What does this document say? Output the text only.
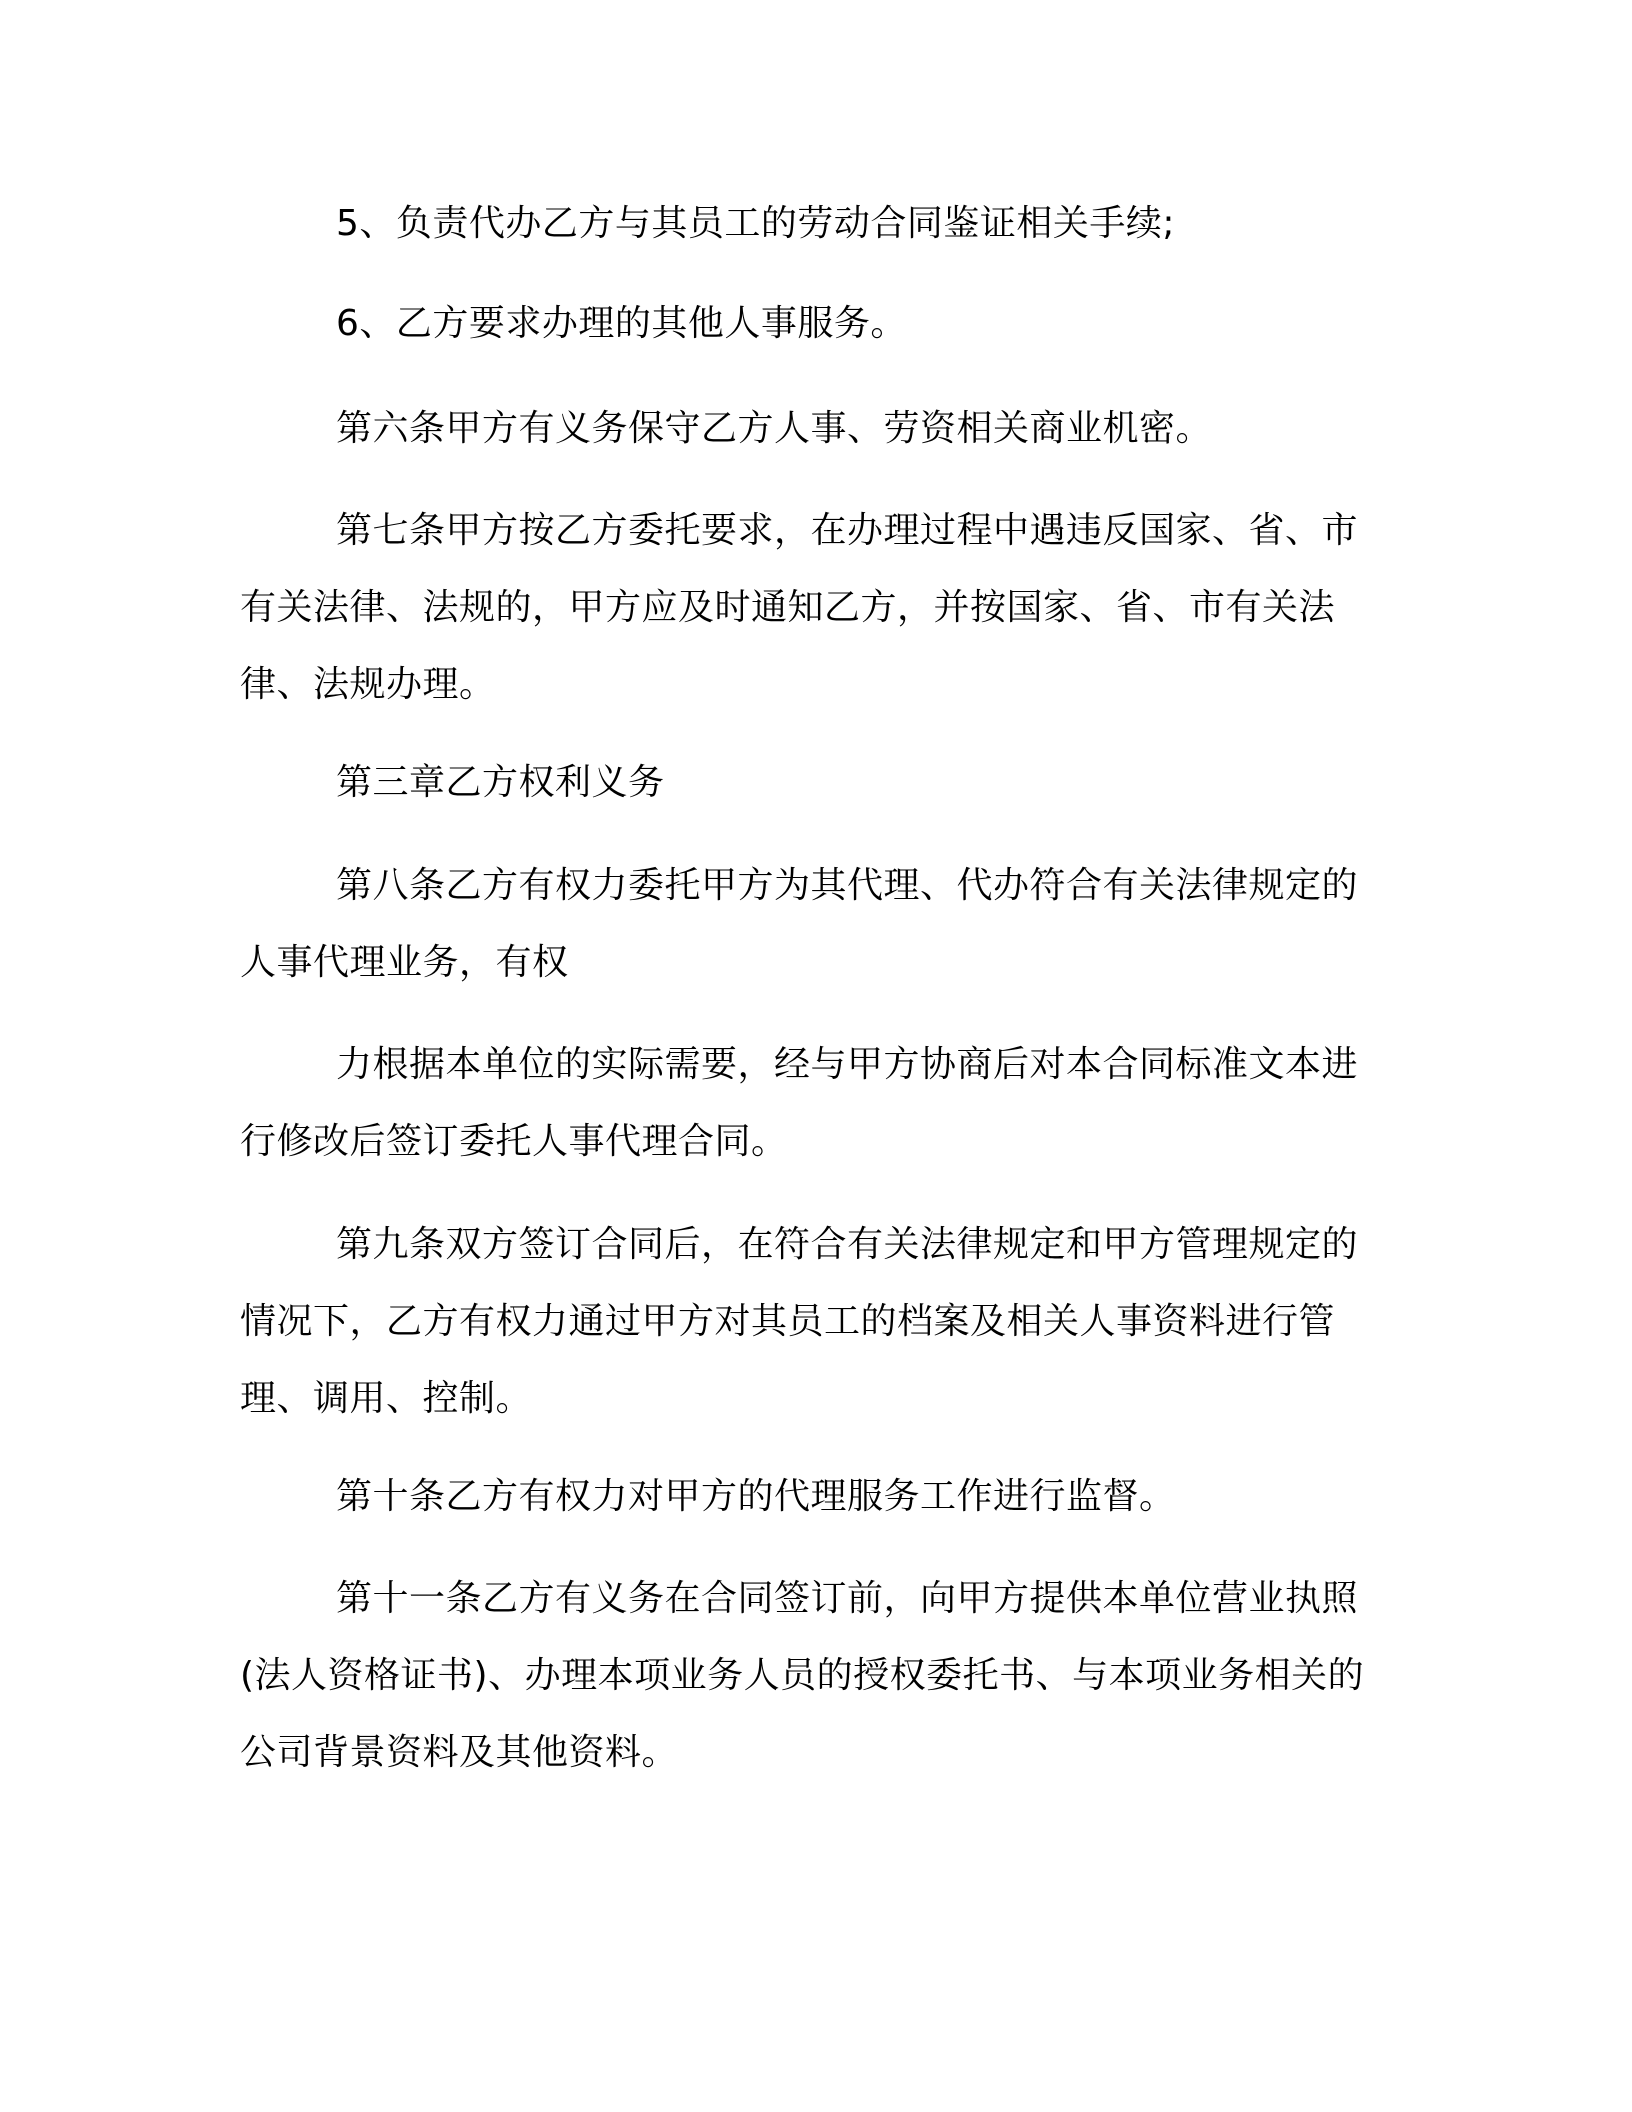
5、负责代办乙方与其员工的劳动合同鉴证相关手续;

6、乙方要求办理的其他人事服务。

第六条甲方有义务保守乙方人事、劳资相关商业机密。

第七条甲方按乙方委托要求，在办理过程中遇违反国家、省、市有关法律、法规的，甲方应及时通知乙方，并按国家、省、市有关法律、法规办理。

第三章乙方权利义务

第八条乙方有权力委托甲方为其代理、代办符合有关法律规定的人事代理业务，有权

力根据本单位的实际需要，经与甲方协商后对本合同标准文本进行修改后签订委托人事代理合同。

第九条双方签订合同后，在符合有关法律规定和甲方管理规定的情况下，乙方有权力通过甲方对其员工的档案及相关人事资料进行管理、调用、控制。

第十条乙方有权力对甲方的代理服务工作进行监督。

第十一条乙方有义务在合同签订前，向甲方提供本单位营业执照(法人资格证书)、办理本项业务人员的授权委托书、与本项业务相关的公司背景资料及其他资料。
